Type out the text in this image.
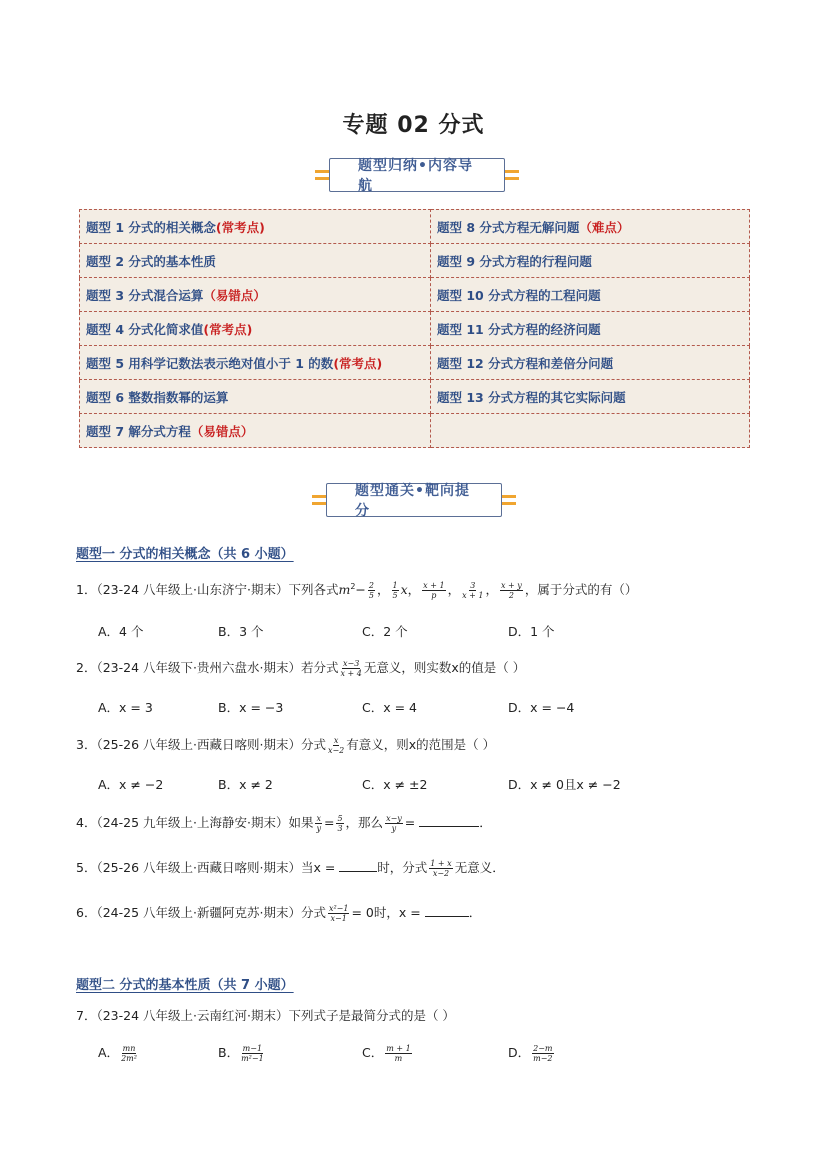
专题 02 分式
题型归纳•内容导航
题型 1 分式的相关概念(常考点)	题型 8 分式方程无解问题（难点）
题型 2 分式的基本性质	题型 9 分式方程的行程问题
题型 3 分式混合运算（易错点）	题型 10 分式方程的工程问题
题型 4 分式化简求值(常考点)	题型 11 分式方程的经济问题
题型 5 用科学记数法表示绝对值小于 1 的数(常考点)	题型 12 分式方程和差倍分问题
题型 6 整数指数幂的运算	题型 13 分式方程的其它实际问题
题型 7 解分式方程（易错点）	
题型通关•靶向提分
题型一 分式的相关概念（共 6 小题）
1．（23-24 八年级上·山东济宁·期末）下列各式$m^2- \frac{2}{5}$ ， $\frac{1}{5}$ x， $\frac{x + 1}{p}$ ， $\frac{3}{x + 1}$ ， $\frac{x + y}{2}$ ，属于分式的有（）
A．4 个	B．3 个	C．2 个	D．1 个
2．（23-24 八年级下·贵州六盘水·期末）若分式 $\frac{x-3}{x + 4}$ 无意义，则实数x的值是（ ）
A．x = 3	B．x = −3	C．x = 4	D．x = −4
3．（25-26 八年级上·西藏日喀则·期末）分式 $\frac{x}{x-2}$ 有意义，则x的范围是（ ）
A．x ≠ −2	B．x ≠ 2	C．x ≠ ±2	D．x ≠ 0且x ≠ −2
4．（24-25 九年级上·上海静安·期末）如果 $\frac{x}{y} = \frac{5}{3}$ ，那么 $\frac{x-y}{y}$ =	．
5．（25-26 八年级上·西藏日喀则·期末）当x =	时，分式 $\frac{1 + x}{x-2}$ 无意义．
6．（24-25 八年级上·新疆阿克苏·期末）分式 $\frac{\text{x²−1}}{x-1} = 0$时，x =	．
题型二 分式的基本性质（共 7 小题）
7．（23-24 八年级上·云南红河·期末）下列式子是最简分式的是（ ）
A． $\frac{mn}{\text{2m²}}$	B． $\frac{m-1}{\text{m²−1}}$	C． $\frac{m + 1}{m}$	D． $\frac{2-m}{m-2}$
